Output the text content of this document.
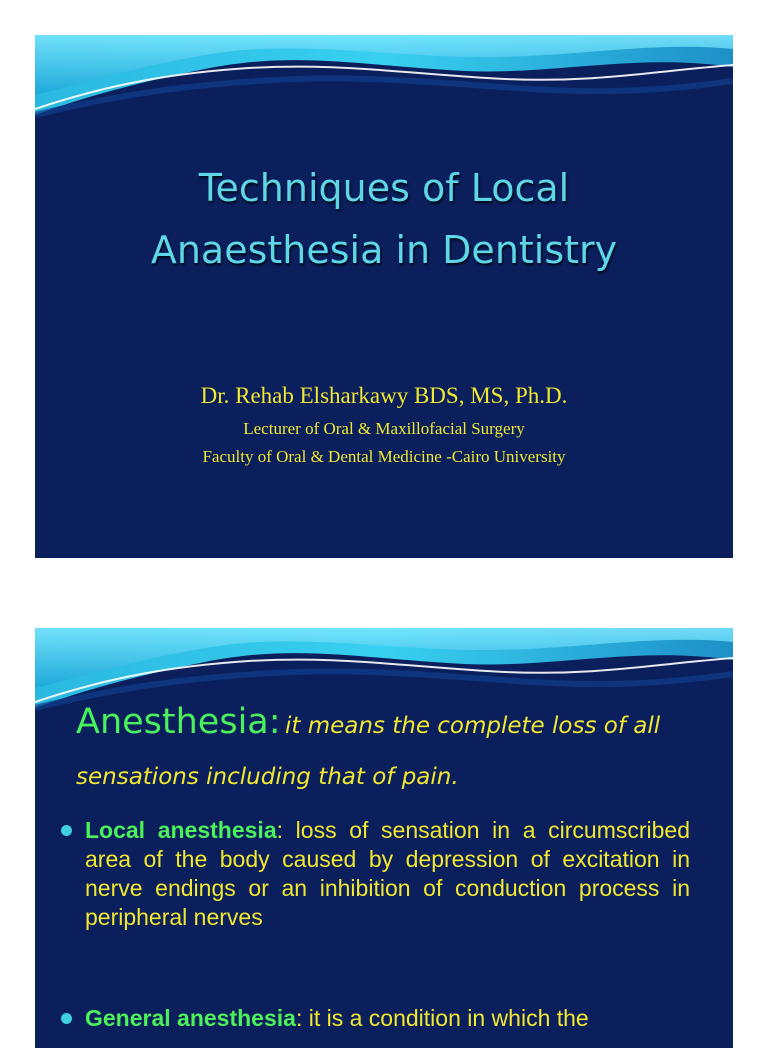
Techniques of Local
Anaesthesia in Dentistry
Dr. Rehab Elsharkawy BDS, MS, Ph.D.
Lecturer of Oral & Maxillofacial Surgery
Faculty of Oral & Dental Medicine -Cairo University
Anesthesia: it means the complete loss of all
sensations including that of pain.
Local anesthesia: loss of sensation in a circumscribed area of the body caused by depression of excitation in nerve endings or an inhibition of conduction process in peripheral nerves
General anesthesia: it is a condition in which the
